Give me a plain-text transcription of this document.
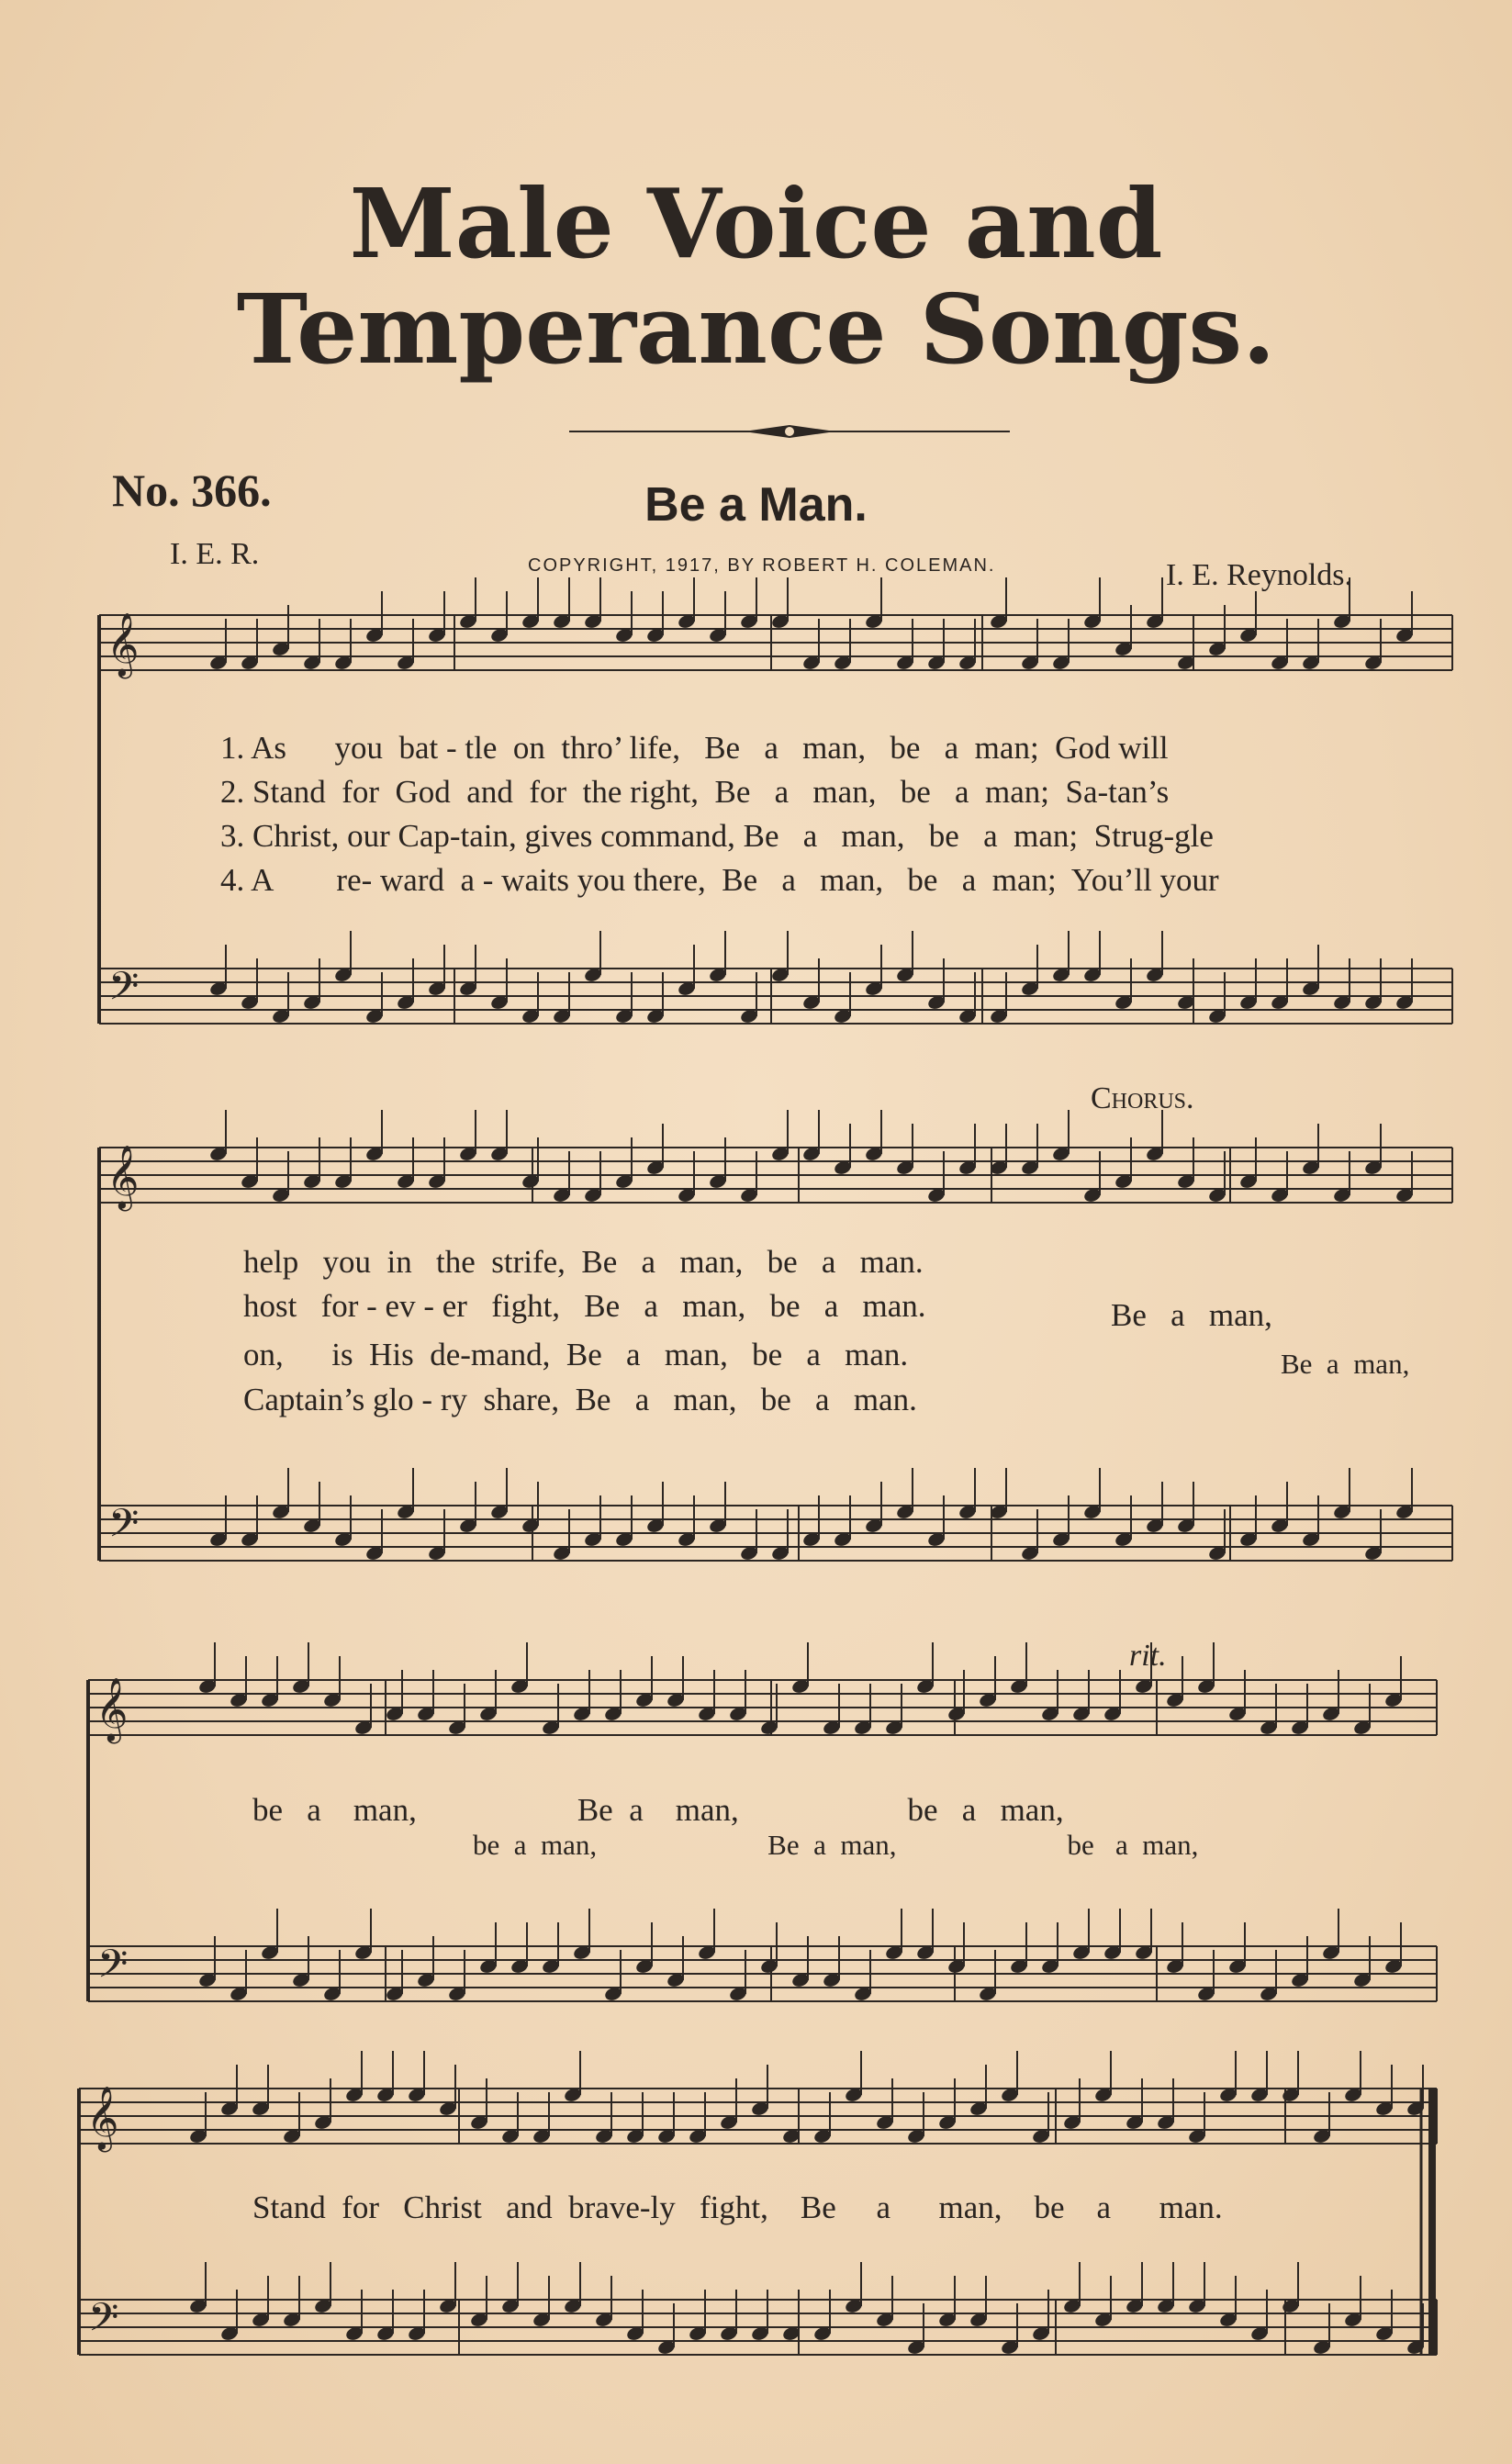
Male Voice and
Temperance Songs.
No. 366.	Be a Man.
I. E. R.	COPYRIGHT, 1917, BY ROBERT H. COLEMAN.	I. E. Reynolds.
𝄞
𝄢
𝄞
𝄢
𝄞
𝄢
𝄞
𝄢
1. As      you  bat - tle  on  thro’ life,   Be   a   man,   be   a  man;  God will
2. Stand  for  God  and  for  the right,  Be   a   man,   be   a  man;  Sa-tan’s
3. Christ, our Cap-tain, gives command, Be   a   man,   be   a  man;  Strug-gle
4. A        re- ward  a - waits you there,  Be   a   man,   be   a  man;  You’ll your
help   you  in   the  strife,  Be   a   man,   be   a   man.
host   for - ev - er   fight,   Be   a   man,   be   a   man.
on,      is  His  de-mand,  Be   a   man,   be   a   man.
Captain’s glo - ry  share,  Be   a   man,   be   a   man.
Chorus.
Be   a   man,
Be  a  man,
rit.
be   a    man,                    Be  a    man,                     be   a   man,
be  a  man,                        Be  a  man,                        be   a  man,
Stand  for   Christ   and  brave-ly   fight,    Be     a      man,    be    a      man.
